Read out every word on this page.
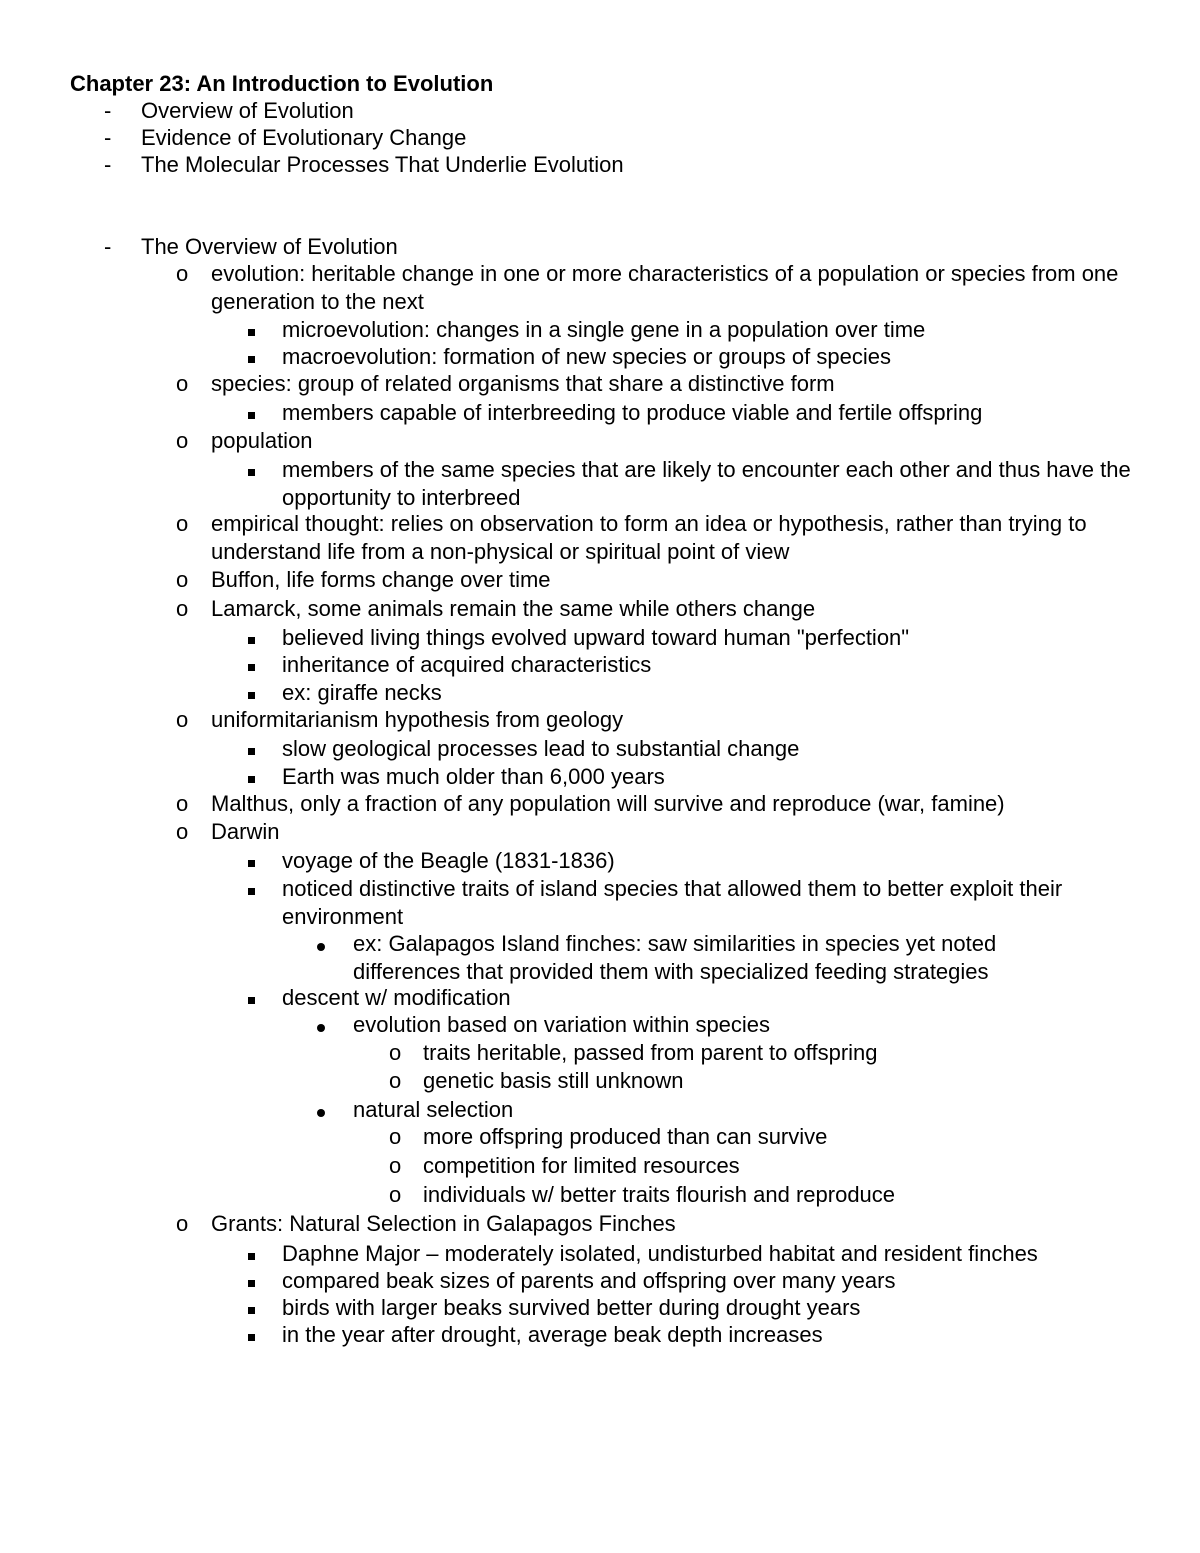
Chapter 23: An Introduction to Evolution
- Overview of Evolution
- Evidence of Evolutionary Change
- The Molecular Processes That Underlie Evolution
- The Overview of Evolution
o evolution: heritable change in one or more characteristics of a population or species from one generation to the next
microevolution: changes in a single gene in a population over time
macroevolution: formation of new species or groups of species
o species: group of related organisms that share a distinctive form
members capable of interbreeding to produce viable and fertile offspring
o population
members of the same species that are likely to encounter each other and thus have the opportunity to interbreed
o empirical thought: relies on observation to form an idea or hypothesis, rather than trying to understand life from a non-physical or spiritual point of view
o Buffon, life forms change over time
o Lamarck, some animals remain the same while others change
believed living things evolved upward toward human "perfection"
inheritance of acquired characteristics
ex: giraffe necks
o uniformitarianism hypothesis from geology
slow geological processes lead to substantial change
Earth was much older than 6,000 years
o Malthus, only a fraction of any population will survive and reproduce (war, famine)
o Darwin
voyage of the Beagle (1831-1836)
noticed distinctive traits of island species that allowed them to better exploit their environment
ex: Galapagos Island finches: saw similarities in species yet noted differences that provided them with specialized feeding strategies
descent w/ modification
evolution based on variation within species
o traits heritable, passed from parent to offspring
o genetic basis still unknown
natural selection
o more offspring produced than can survive
o competition for limited resources
o individuals w/ better traits flourish and reproduce
o Grants: Natural Selection in Galapagos Finches
Daphne Major – moderately isolated, undisturbed habitat and resident finches
compared beak sizes of parents and offspring over many years
birds with larger beaks survived better during drought years
in the year after drought, average beak depth increases
